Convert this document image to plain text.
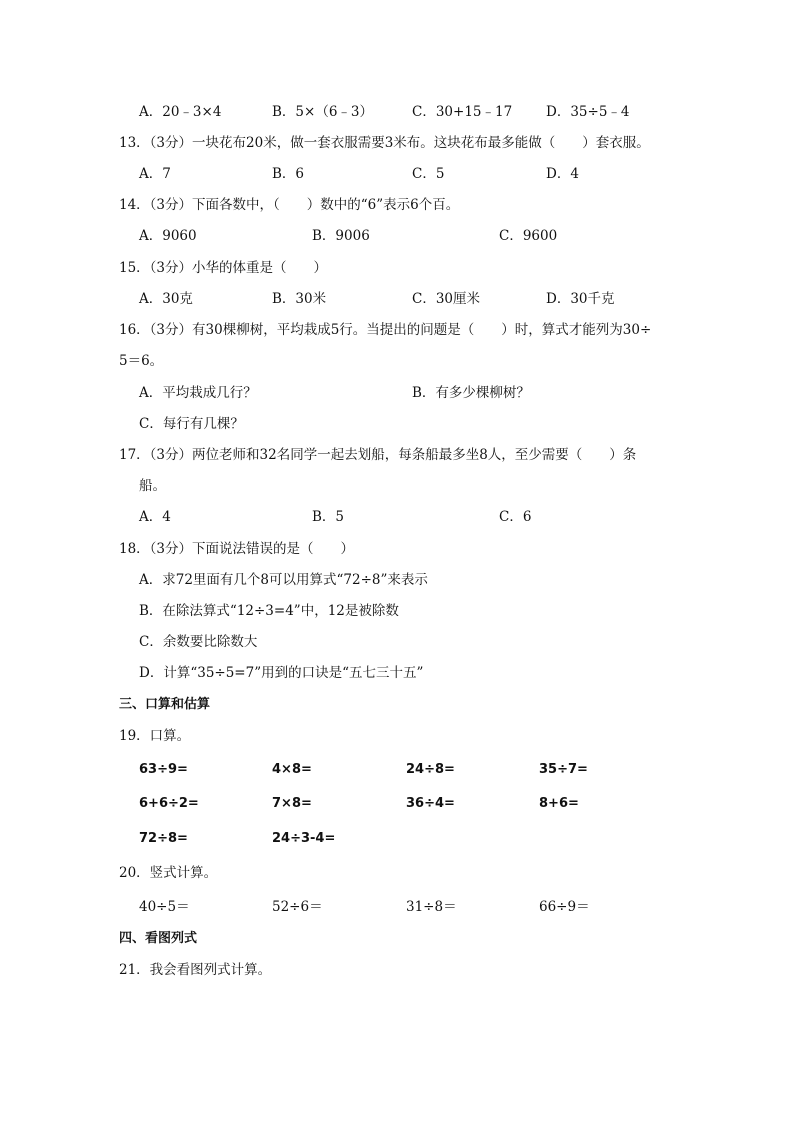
A．20﹣3×4	B．5×（6﹣3）	C．30+15﹣17	D．35÷5﹣4
13．（3分）一块花布20米，做一套衣服需要3米布。这块花布最多能做（　　）套衣服。
A．7	B．6	C．5	D．4
14．（3分）下面各数中，（　　）数中的“6”表示6个百。
A．9060	B．9006	C．9600
15．（3分）小华的体重是（　　）
A．30克	B．30米	C．30厘米	D．30千克
16．（3分）有30棵柳树，平均栽成5行。当提出的问题是（　　）时，算式才能列为30÷
5＝6。
A．平均栽成几行？	B．有多少棵柳树？
C．每行有几棵？
17．（3分）两位老师和32名同学一起去划船，每条船最多坐8人，至少需要（　　）条
船。
A．4	B．5	C．6
18．（3分）下面说法错误的是（　　）
A．求72里面有几个8可以用算式“72÷8”来表示
B．在除法算式“12÷3=4”中，12是被除数
C．余数要比除数大
D．计算“35÷5=7”用到的口诀是“五七三十五”
三、口算和估算
19．口算。
63÷9=	4×8=	24÷8=	35÷7=
6+6÷2=	7×8=	36÷4=	8+6=
72÷8=	24÷3-4=
20．竖式计算。
40÷5＝	52÷6＝	31÷8＝	66÷9＝
四、看图列式
21．我会看图列式计算。
